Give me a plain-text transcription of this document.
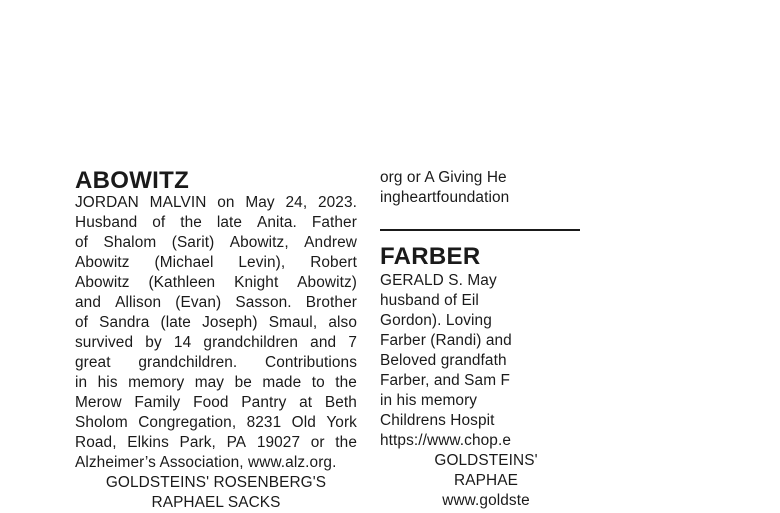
ABOWITZ
JORDAN MALVIN on May 24, 2023.
Husband of the late Anita. Father
of Shalom (Sarit) Abowitz, Andrew
Abowitz (Michael Levin), Robert
Abowitz (Kathleen Knight Abowitz)
and Allison (Evan) Sasson. Brother
of Sandra (late Joseph) Smaul, also
survived by 14 grandchildren and 7
great grandchildren. Contributions
in his memory may be made to the
Merow Family Food Pantry at Beth
Sholom Congregation, 8231 Old York
Road, Elkins Park, PA 19027 or the
Alzheimer’s Association, www.alz.org.
GOLDSTEINS' ROSENBERG'S
RAPHAEL SACKS
org or A Giving He
ingheartfoundation
FARBER
GERALD S. May
husband of Eil
Gordon). Loving
Farber (Randi) and
Beloved grandfath
Farber, and Sam F
in his memory
Childrens Hospit
https://www.chop.e
GOLDSTEINS'
RAPHAE
www.goldste
